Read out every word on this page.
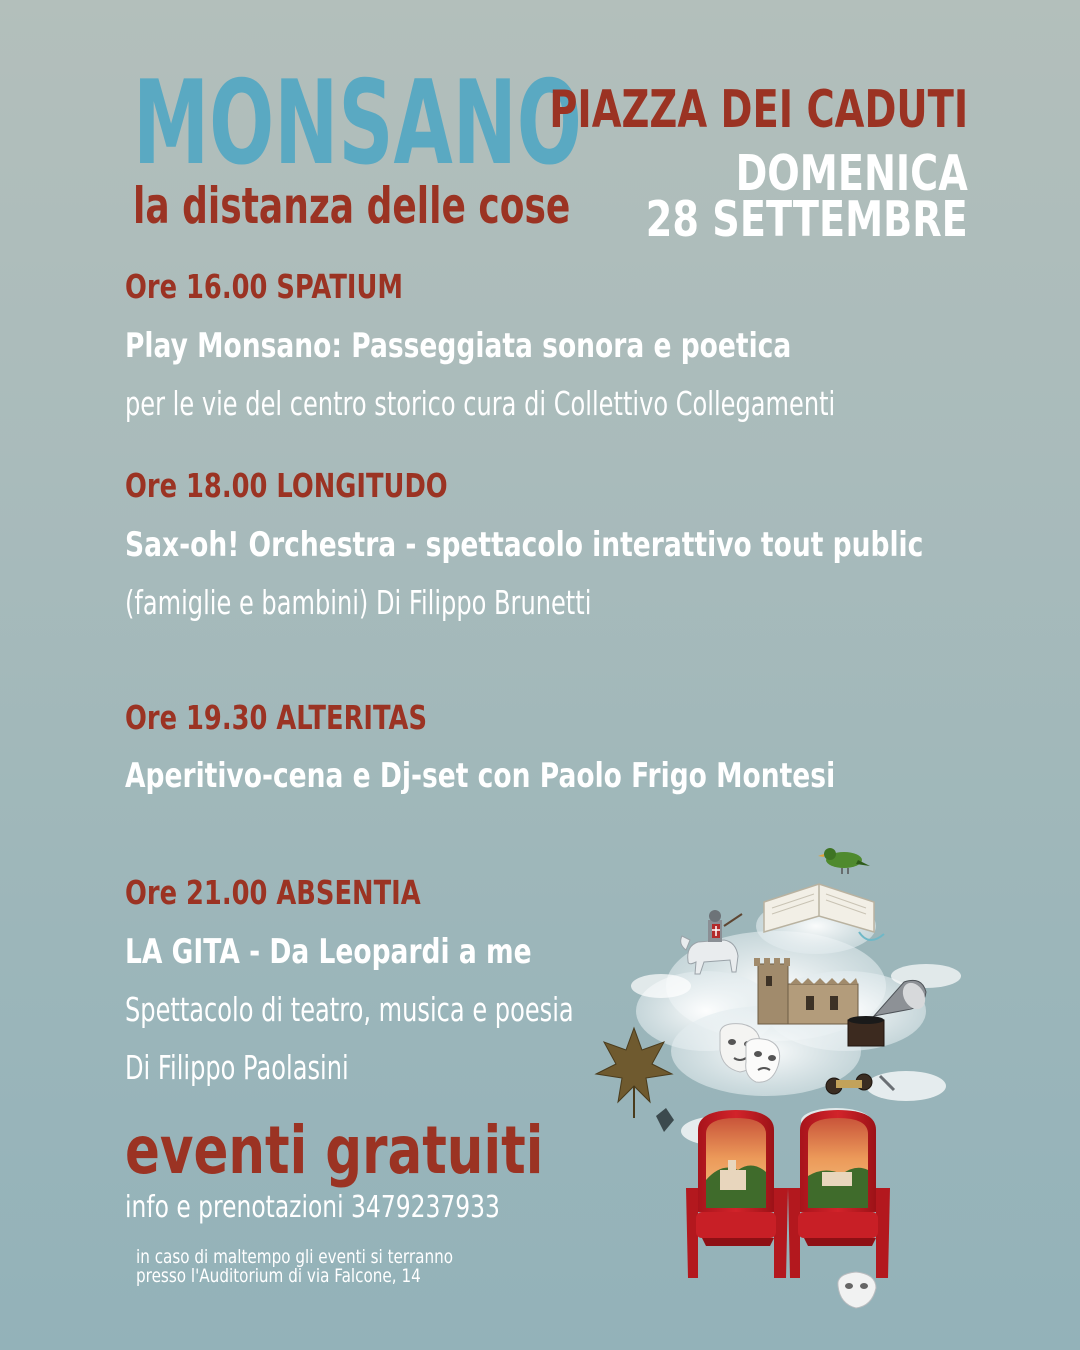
MONSANO
la distanza delle cose
PIAZZA DEI CADUTI
DOMENICA
28 SETTEMBRE
Ore 16.00 SPATIUM
Play Monsano: Passeggiata sonora e poetica
per le vie del centro storico cura di Collettivo Collegamenti
Ore 18.00 LONGITUDO
Sax-oh! Orchestra - spettacolo interattivo tout public
(famiglie e bambini) Di Filippo Brunetti
Ore 19.30 ALTERITAS
Aperitivo-cena e Dj-set con Paolo Frigo Montesi
Ore 21.00 ABSENTIA
LA GITA - Da Leopardi a me
Spettacolo di teatro, musica e poesia
Di Filippo Paolasini
eventi gratuiti
info e prenotazioni 3479237933
in caso di maltempo gli eventi si terranno
presso l'Auditorium di via Falcone, 14
